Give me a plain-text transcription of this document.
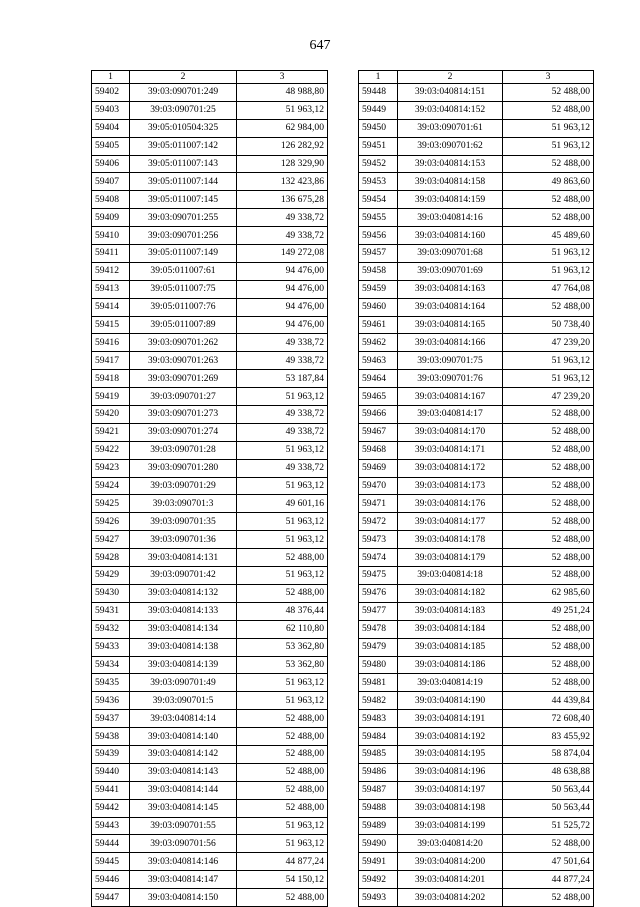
647
1	2	3
59402	39:03:090701:249	48 988,80
59403	39:03:090701:25	51 963,12
59404	39:05:010504:325	62 984,00
59405	39:05:011007:142	126 282,92
59406	39:05:011007:143	128 329,90
59407	39:05:011007:144	132 423,86
59408	39:05:011007:145	136 675,28
59409	39:03:090701:255	49 338,72
59410	39:03:090701:256	49 338,72
59411	39:05:011007:149	149 272,08
59412	39:05:011007:61	94 476,00
59413	39:05:011007:75	94 476,00
59414	39:05:011007:76	94 476,00
59415	39:05:011007:89	94 476,00
59416	39:03:090701:262	49 338,72
59417	39:03:090701:263	49 338,72
59418	39:03:090701:269	53 187,84
59419	39:03:090701:27	51 963,12
59420	39:03:090701:273	49 338,72
59421	39:03:090701:274	49 338,72
59422	39:03:090701:28	51 963,12
59423	39:03:090701:280	49 338,72
59424	39:03:090701:29	51 963,12
59425	39:03:090701:3	49 601,16
59426	39:03:090701:35	51 963,12
59427	39:03:090701:36	51 963,12
59428	39:03:040814:131	52 488,00
59429	39:03:090701:42	51 963,12
59430	39:03:040814:132	52 488,00
59431	39:03:040814:133	48 376,44
59432	39:03:040814:134	62 110,80
59433	39:03:040814:138	53 362,80
59434	39:03:040814:139	53 362,80
59435	39:03:090701:49	51 963,12
59436	39:03:090701:5	51 963,12
59437	39:03:040814:14	52 488,00
59438	39:03:040814:140	52 488,00
59439	39:03:040814:142	52 488,00
59440	39:03:040814:143	52 488,00
59441	39:03:040814:144	52 488,00
59442	39:03:040814:145	52 488,00
59443	39:03:090701:55	51 963,12
59444	39:03:090701:56	51 963,12
59445	39:03:040814:146	44 877,24
59446	39:03:040814:147	54 150,12
59447	39:03:040814:150	52 488,00
1	2	3
59448	39:03:040814:151	52 488,00
59449	39:03:040814:152	52 488,00
59450	39:03:090701:61	51 963,12
59451	39:03:090701:62	51 963,12
59452	39:03:040814:153	52 488,00
59453	39:03:040814:158	49 863,60
59454	39:03:040814:159	52 488,00
59455	39:03:040814:16	52 488,00
59456	39:03:040814:160	45 489,60
59457	39:03:090701:68	51 963,12
59458	39:03:090701:69	51 963,12
59459	39:03:040814:163	47 764,08
59460	39:03:040814:164	52 488,00
59461	39:03:040814:165	50 738,40
59462	39:03:040814:166	47 239,20
59463	39:03:090701:75	51 963,12
59464	39:03:090701:76	51 963,12
59465	39:03:040814:167	47 239,20
59466	39:03:040814:17	52 488,00
59467	39:03:040814:170	52 488,00
59468	39:03:040814:171	52 488,00
59469	39:03:040814:172	52 488,00
59470	39:03:040814:173	52 488,00
59471	39:03:040814:176	52 488,00
59472	39:03:040814:177	52 488,00
59473	39:03:040814:178	52 488,00
59474	39:03:040814:179	52 488,00
59475	39:03:040814:18	52 488,00
59476	39:03:040814:182	62 985,60
59477	39:03:040814:183	49 251,24
59478	39:03:040814:184	52 488,00
59479	39:03:040814:185	52 488,00
59480	39:03:040814:186	52 488,00
59481	39:03:040814:19	52 488,00
59482	39:03:040814:190	44 439,84
59483	39:03:040814:191	72 608,40
59484	39:03:040814:192	83 455,92
59485	39:03:040814:195	58 874,04
59486	39:03:040814:196	48 638,88
59487	39:03:040814:197	50 563,44
59488	39:03:040814:198	50 563,44
59489	39:03:040814:199	51 525,72
59490	39:03:040814:20	52 488,00
59491	39:03:040814:200	47 501,64
59492	39:03:040814:201	44 877,24
59493	39:03:040814:202	52 488,00
